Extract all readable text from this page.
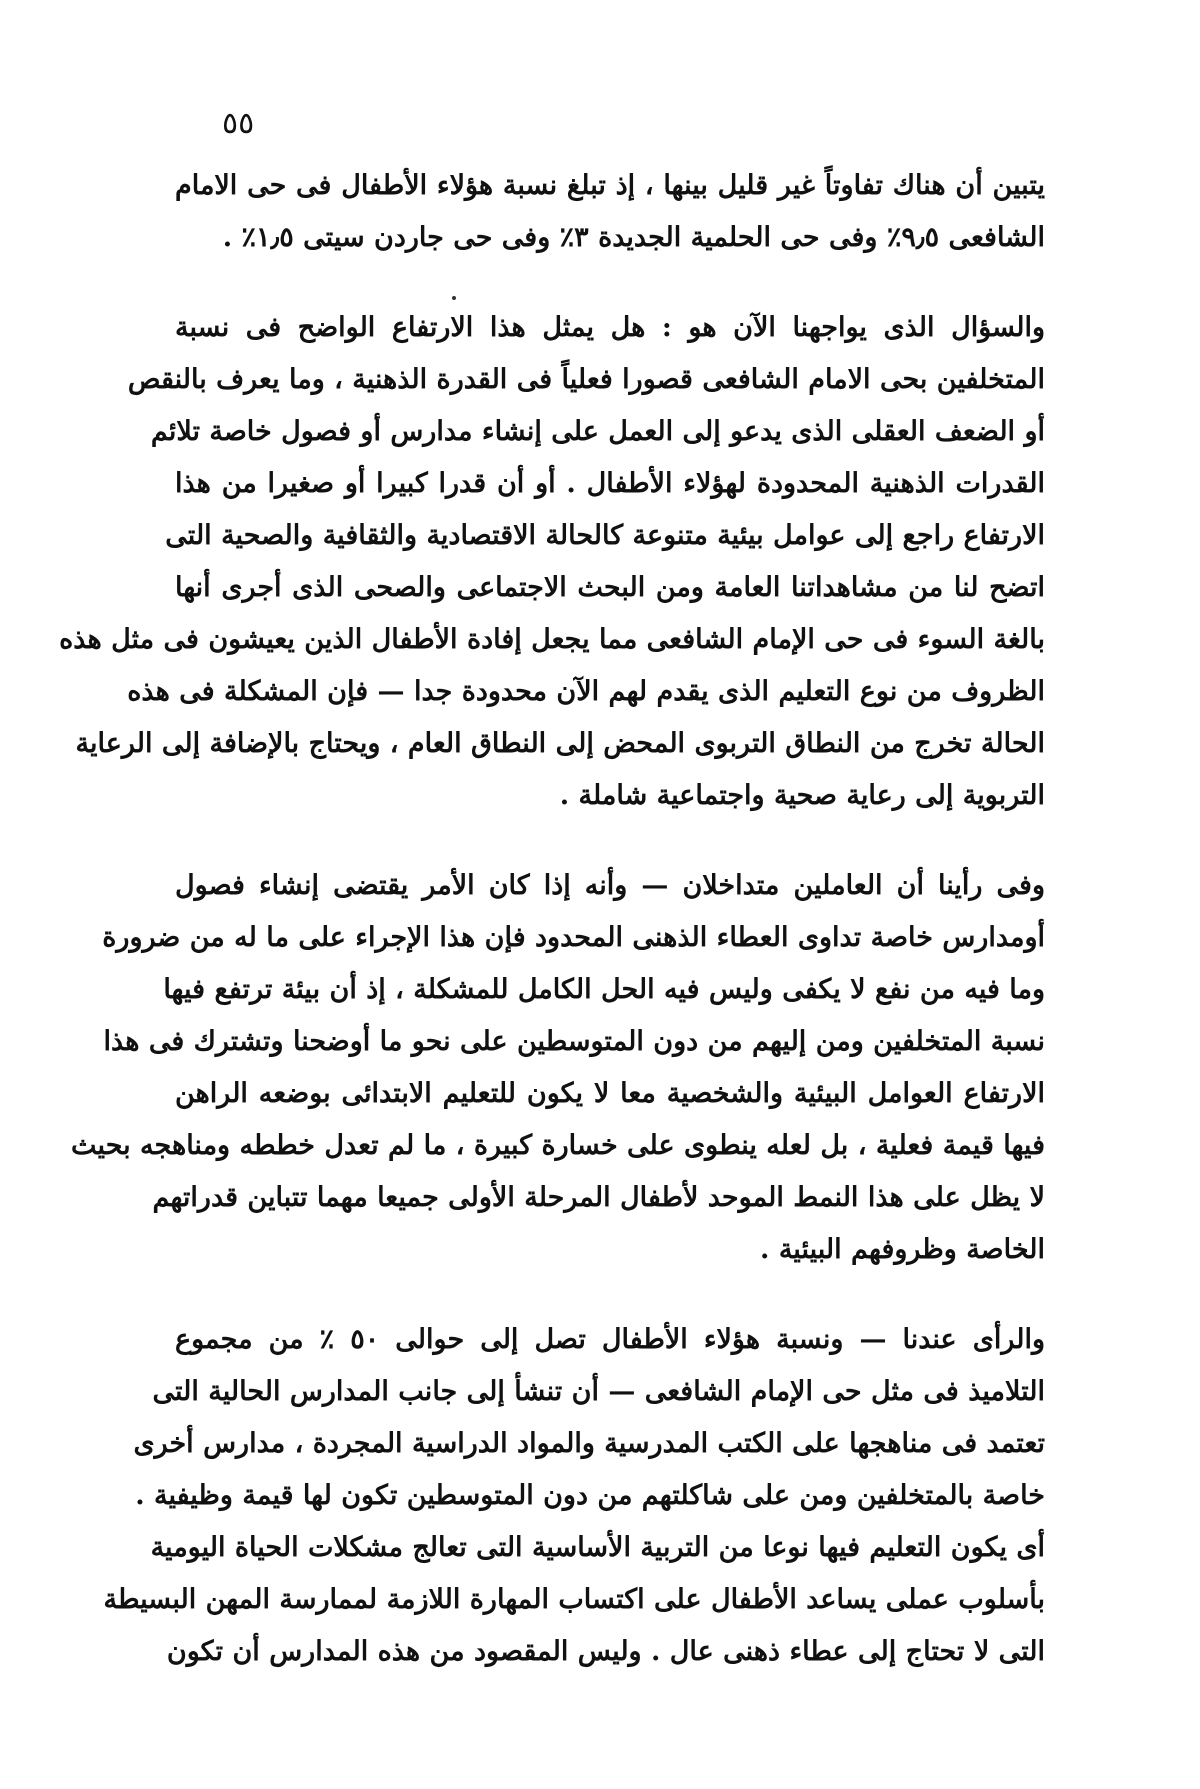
٥٥
يتبين أن هناك تفاوتاً غير قليل بينها ، إذ تبلغ نسبة هؤلاء الأطفال فى حى الامام
الشافعى ٩٫٥٪ وفى حى الحلمية الجديدة ٣٪ وفى حى جاردن سيتى ١٫٥٪ .
والسؤال الذى يواجهنا الآن هو : هل يمثل هذا الارتفاع الواضح فى نسبة
المتخلفين بحى الامام الشافعى قصورا فعلياً فى القدرة الذهنية ، وما يعرف بالنقص
أو الضعف العقلى الذى يدعو إلى العمل على إنشاء مدارس أو فصول خاصة تلائم
القدرات الذهنية المحدودة لهؤلاء الأطفال . أو أن قدرا كبيرا أو صغيرا من هذا
الارتفاع راجع إلى عوامل بيئية متنوعة كالحالة الاقتصادية والثقافية والصحية التى
اتضح لنا من مشاهداتنا العامة ومن البحث الاجتماعى والصحى الذى أجرى أنها
بالغة السوء فى حى الإمام الشافعى مما يجعل إفادة الأطفال الذين يعيشون فى مثل هذه
الظروف من نوع التعليم الذى يقدم لهم الآن محدودة جدا — فإن المشكلة فى هذه
الحالة تخرج من النطاق التربوى المحض إلى النطاق العام ، ويحتاج بالإضافة إلى الرعاية
التربوية إلى رعاية صحية واجتماعية شاملة .
وفى رأينا أن العاملين متداخلان — وأنه إذا كان الأمر يقتضى إنشاء فصول
أومدارس خاصة تداوى العطاء الذهنى المحدود فإن هذا الإجراء على ما له من ضرورة
وما فيه من نفع لا يكفى وليس فيه الحل الكامل للمشكلة ، إذ أن بيئة ترتفع فيها
نسبة المتخلفين ومن إليهم من دون المتوسطين على نحو ما أوضحنا وتشترك فى هذا
الارتفاع العوامل البيئية والشخصية معا لا يكون للتعليم الابتدائى بوضعه الراهن
فيها قيمة فعلية ، بل لعله ينطوى على خسارة كبيرة ، ما لم تعدل خططه ومناهجه بحيث
لا يظل على هذا النمط الموحد لأطفال المرحلة الأولى جميعا مهما تتباين قدراتهم
الخاصة وظروفهم البيئية .
والرأى عندنا — ونسبة هؤلاء الأطفال تصل إلى حوالى ٥٠ ٪ من مجموع
التلاميذ فى مثل حى الإمام الشافعى — أن تنشأ إلى جانب المدارس الحالية التى
تعتمد فى مناهجها على الكتب المدرسية والمواد الدراسية المجردة ، مدارس أخرى
خاصة بالمتخلفين ومن على شاكلتهم من دون المتوسطين تكون لها قيمة وظيفية .
أى يكون التعليم فيها نوعا من التربية الأساسية التى تعالج مشكلات الحياة اليومية
بأسلوب عملى يساعد الأطفال على اكتساب المهارة اللازمة لممارسة المهن البسيطة
التى لا تحتاج إلى عطاء ذهنى عال . وليس المقصود من هذه المدارس أن تكون
